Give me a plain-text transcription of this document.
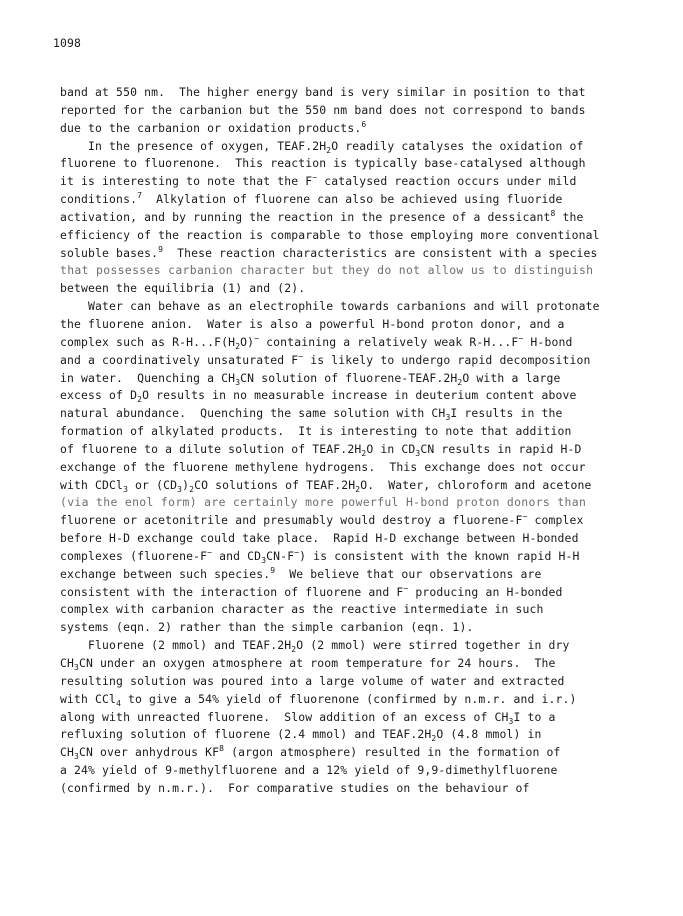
1098
band at 550 nm.  The higher energy band is very similar in position to that
reported for the carbanion but the 550 nm band does not correspond to bands
due to the carbanion or oxidation products.$^6$
In the presence of oxygen, $TEAF.2H_2O$ readily catalyses the oxidation of
fluorene to fluorenone.  This reaction is typically base-catalysed although
it is interesting to note that the F− catalysed reaction occurs under mild
conditions.$^7$  Alkylation of fluorene can also be achieved using fluoride
activation, and by running the reaction in the presence of a dessicant$^8$ the
efficiency of the reaction is comparable to those employing more conventional
soluble bases.$^9$  These reaction characteristics are consistent with a species
that possesses carbanion character but they do not allow us to distinguish
between the equilibria (1) and (2).
Water can behave as an electrophile towards carbanions and will protonate
the fluorene anion.  Water is also a powerful H-bond proton donor, and a
complex such as $R-H...F(H_2O)^-$ containing a relatively weak R-H...F− H-bond
and a coordinatively unsaturated F− is likely to undergo rapid decomposition
in water.  Quenching a $CH_3CN$ solution of fluorene-$TEAF.2H_2O$ with a large
excess of $D_2O$ results in no measurable increase in deuterium content above
natural abundance.  Quenching the same solution with $CH_3I$ results in the
formation of alkylated products.  It is interesting to note that addition
of fluorene to a dilute solution of $TEAF.2H_2O$ in $CD_3CN$ results in rapid H-D
exchange of the fluorene methylene hydrogens.  This exchange does not occur
with CDCl$_3$ or $(CD_3)_2CO$ solutions of $TEAF.2H_2O$.  Water, chloroform and acetone
(via the enol form) are certainly more powerful H-bond proton donors than
fluorene or acetonitrile and presumably would destroy a fluorene-F− complex
before H-D exchange could take place.  Rapid H-D exchange between H-bonded
complexes (fluorene-F− and $CD_3CN-F^-$) is consistent with the known rapid H-H
exchange between such species.$^9$  We believe that our observations are
consistent with the interaction of fluorene and F− producing an H-bonded
complex with carbanion character as the reactive intermediate in such
systems (eqn. 2) rather than the simple carbanion (eqn. 1).
Fluorene (2 mmol) and $TEAF.2H_2O$ (2 mmol) were stirred together in dry
$CH_3CN$ under an oxygen atmosphere at room temperature for 24 hours.  The
resulting solution was poured into a large volume of water and extracted
with CCl$_4$ to give a 54% yield of fluorenone (confirmed by n.m.r. and i.r.)
along with unreacted fluorene.  Slow addition of an excess of $CH_3I$ to a
refluxing solution of fluorene (2.4 mmol) and $TEAF.2H_2O$ (4.8 mmol) in
$CH_3CN$ over anhydrous $KF^8$ (argon atmosphere) resulted in the formation of
a 24% yield of 9-methylfluorene and a 12% yield of 9,9-dimethylfluorene
(confirmed by n.m.r.).  For comparative studies on the behaviour of
